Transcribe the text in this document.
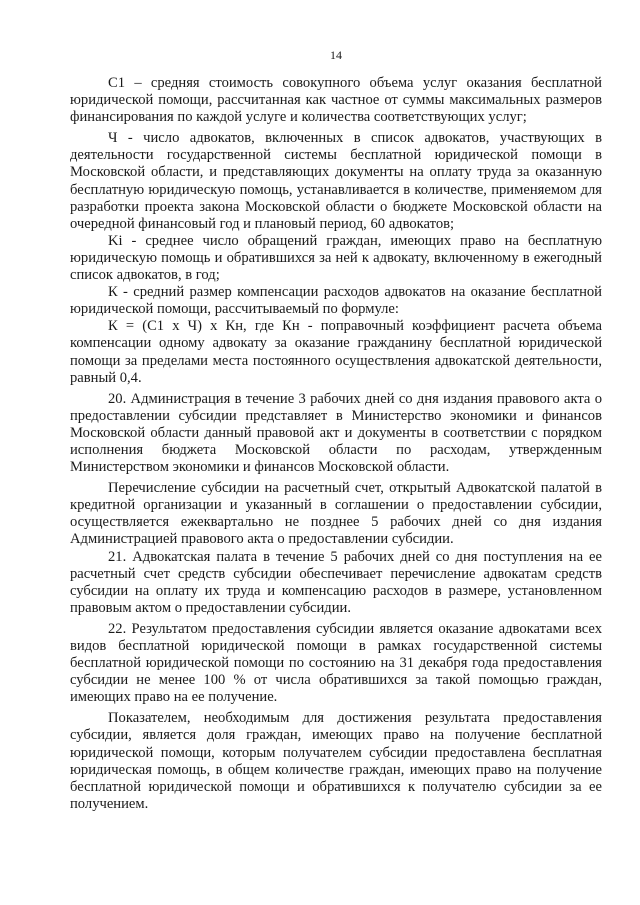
14

С1 – средняя стоимость совокупного объема услуг оказания бесплатной юридической помощи, рассчитанная как частное от суммы максимальных размеров финансирования по каждой услуге и количества соответствующих услуг;

Ч - число адвокатов, включенных в список адвокатов, участвующих в деятельности государственной системы бесплатной юридической помощи в Московской области, и представляющих документы на оплату труда за оказанную бесплатную юридическую помощь, устанавливается в количестве, применяемом для разработки проекта закона Московской области о бюджете Московской области на очередной финансовый год и плановый период, 60 адвокатов;

Ki - среднее число обращений граждан, имеющих право на бесплатную юридическую помощь и обратившихся за ней к адвокату, включенному в ежегодный список адвокатов, в год;

К - средний размер компенсации расходов адвокатов на оказание бесплатной юридической помощи, рассчитываемый по формуле:

К = (С1 х Ч) х Кн, где Кн - поправочный коэффициент расчета объема компенсации одному адвокату за оказание гражданину бесплатной юридической помощи за пределами места постоянного осуществления адвокатской деятельности, равный 0,4.

20. Администрация в течение 3 рабочих дней со дня издания правового акта о предоставлении субсидии представляет в Министерство экономики и финансов Московской области данный правовой акт и документы в соответствии с порядком исполнения бюджета Московской области по расходам, утвержденным Министерством экономики и финансов Московской области.

Перечисление субсидии на расчетный счет, открытый Адвокатской палатой в кредитной организации и указанный в соглашении о предоставлении субсидии, осуществляется ежеквартально не позднее 5 рабочих дней со дня издания Администрацией правового акта о предоставлении субсидии.

21. Адвокатская палата в течение 5 рабочих дней со дня поступления на ее расчетный счет средств субсидии обеспечивает перечисление адвокатам средств субсидии на оплату их труда и компенсацию расходов в размере, установленном правовым актом о предоставлении субсидии.

22. Результатом предоставления субсидии является оказание адвокатами всех видов бесплатной юридической помощи в рамках государственной системы бесплатной юридической помощи по состоянию на 31 декабря года предоставления субсидии не менее 100 % от числа обратившихся за такой помощью граждан, имеющих право на ее получение.

Показателем, необходимым для достижения результата предоставления субсидии, является доля граждан, имеющих право на получение бесплатной юридической помощи, которым получателем субсидии предоставлена бесплатная юридическая помощь, в общем количестве граждан, имеющих право на получение бесплатной юридической помощи и обратившихся к получателю субсидии за ее получением.
